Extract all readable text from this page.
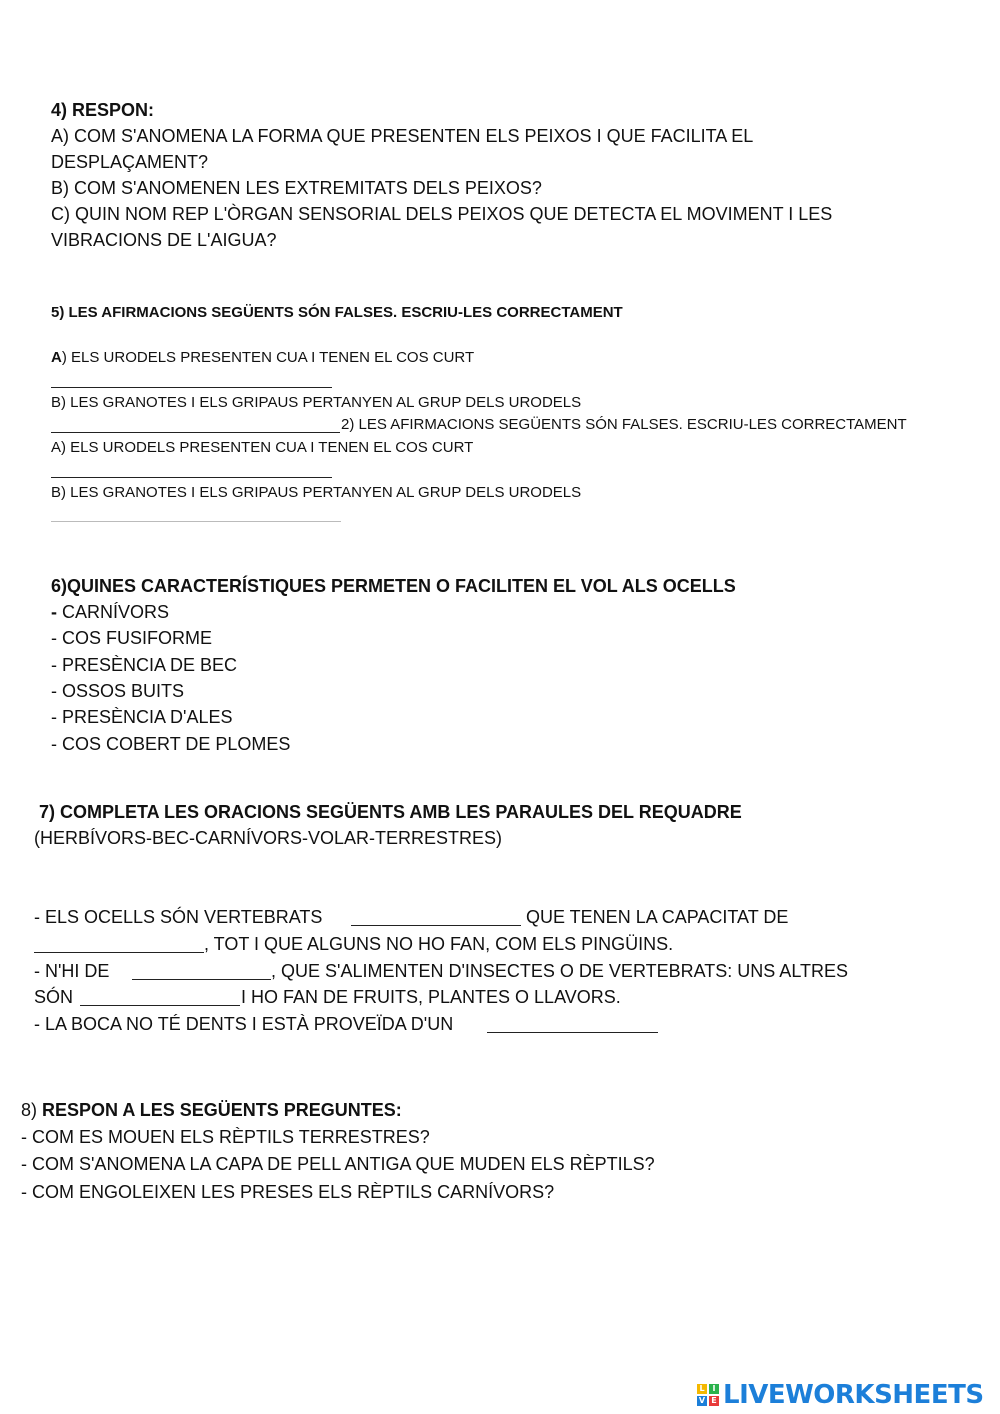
4) RESPON:
A) COM S'ANOMENA LA FORMA QUE PRESENTEN ELS PEIXOS I QUE FACILITA EL
DESPLAÇAMENT?
B) COM S'ANOMENEN LES EXTREMITATS DELS PEIXOS?
C) QUIN NOM REP L'ÒRGAN SENSORIAL DELS PEIXOS QUE DETECTA EL MOVIMENT I LES
VIBRACIONS DE L'AIGUA?
5) LES AFIRMACIONS SEGÜENTS SÓN FALSES. ESCRIU-LES CORRECTAMENT
A) ELS URODELS PRESENTEN CUA I TENEN EL COS CURT
B) LES GRANOTES I ELS GRIPAUS PERTANYEN AL GRUP DELS URODELS
2) LES AFIRMACIONS SEGÜENTS SÓN FALSES. ESCRIU-LES CORRECTAMENT
A) ELS URODELS PRESENTEN CUA I TENEN EL COS CURT
B) LES GRANOTES I ELS GRIPAUS PERTANYEN AL GRUP DELS URODELS
6)QUINES CARACTERÍSTIQUES PERMETEN O FACILITEN EL VOL ALS OCELLS
- CARNÍVORS
- COS FUSIFORME
- PRESÈNCIA DE BEC
- OSSOS BUITS
- PRESÈNCIA D'ALES
- COS COBERT DE PLOMES
7) COMPLETA LES ORACIONS SEGÜENTS AMB LES PARAULES DEL REQUADRE
(HERBÍVORS-BEC-CARNÍVORS-VOLAR-TERRESTRES)
- ELS OCELLS SÓN VERTEBRATS	QUE TENEN LA CAPACITAT DE
, TOT I QUE ALGUNS NO HO FAN, COM ELS PINGÜINS.
- N'HI DE	, QUE S'ALIMENTEN D'INSECTES O DE VERTEBRATS: UNS ALTRES
SÓN	I HO FAN DE FRUITS, PLANTES O LLAVORS.
- LA BOCA NO TÉ DENTS I ESTÀ PROVEÏDA D'UN
8) RESPON A LES SEGÜENTS PREGUNTES:
- COM ES MOUEN ELS RÈPTILS TERRESTRES?
- COM S'ANOMENA LA CAPA DE PELL ANTIGA QUE MUDEN ELS RÈPTILS?
- COM ENGOLEIXEN LES PRESES ELS RÈPTILS CARNÍVORS?
L I
V E LIVEWORKSHEETS
